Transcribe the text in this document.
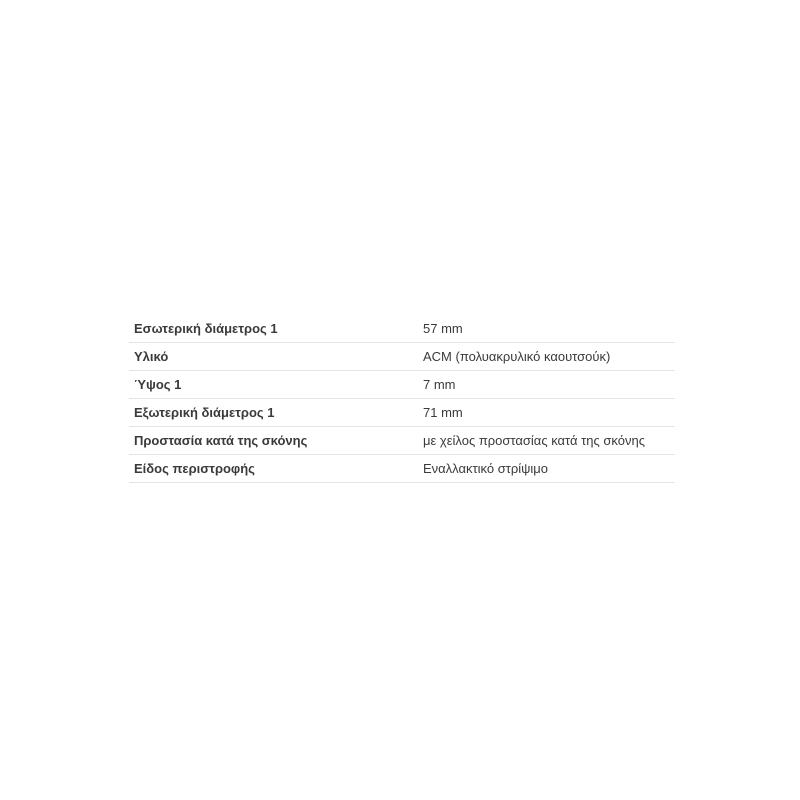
Εσωτερική διάμετρος 1	57 mm
Υλικό	ACM (πολυακρυλικό καουτσούκ)
Ύψος 1	7 mm
Εξωτερική διάμετρος 1	71 mm
Προστασία κατά της σκόνης	με χείλος προστασίας κατά της σκόνης
Είδος περιστροφής	Εναλλακτικό στρίψιμο
